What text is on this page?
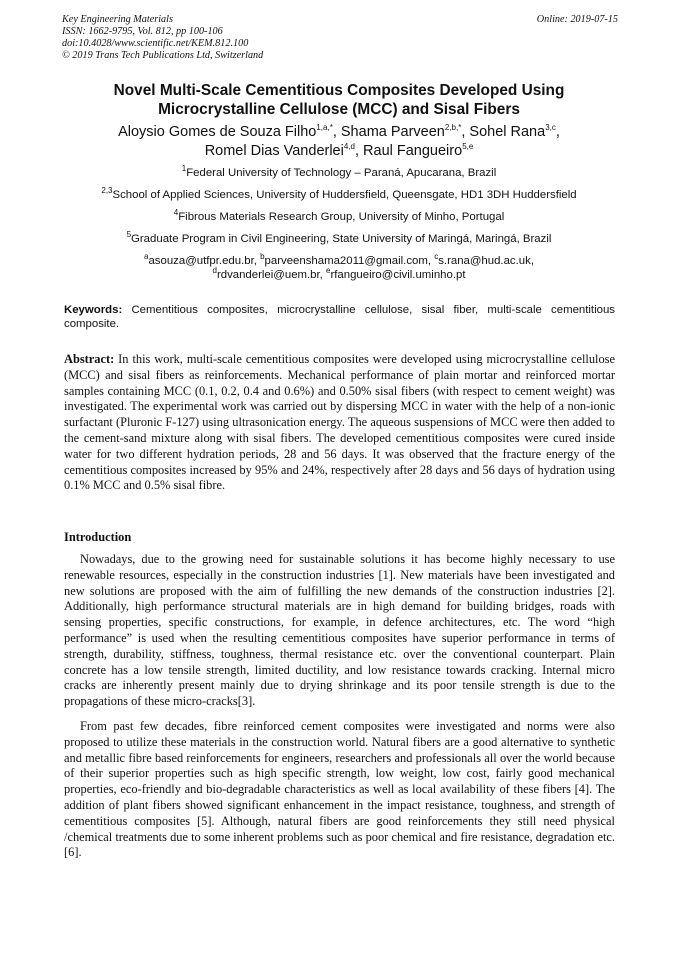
Key Engineering Materials
ISSN: 1662-9795, Vol. 812, pp 100-106
doi:10.4028/www.scientific.net/KEM.812.100
© 2019 Trans Tech Publications Ltd, Switzerland
Online: 2019-07-15
Novel Multi-Scale Cementitious Composites Developed Using
Microcrystalline Cellulose (MCC) and Sisal Fibers
Aloysio Gomes de Souza Filho$^{1,a,*}$, Shama Parveen$^{2,b,*}$, Sohel Rana$^{3,c}$,
Romel Dias Vanderlei$^{4,d}$, Raul Fangueiro$^{5,e}$
$^1$Federal University of Technology – Paraná, Apucarana, Brazil
$^{2,3}$School of Applied Sciences, University of Huddersfield, Queensgate, HD1 3DH Huddersfield
$^4$Fibrous Materials Research Group, University of Minho, Portugal
$^5$Graduate Program in Civil Engineering, State University of Maringá, Maringá, Brazil
$^a$asouza@utfpr.edu.br, $^b$parveenshama2011@gmail.com, $^c$s.rana@hud.ac.uk,
$^d$rdvanderlei@uem.br, $^e$rfangueiro@civil.uminho.pt
Keywords: Cementitious composites, microcrystalline cellulose, sisal fiber, multi-scale cementitious composite.
Abstract: In this work, multi-scale cementitious composites were developed using microcrystalline cellulose (MCC) and sisal fibers as reinforcements. Mechanical performance of plain mortar and reinforced mortar samples containing MCC (0.1, 0.2, 0.4 and 0.6%) and 0.50% sisal fibers (with respect to cement weight) was investigated. The experimental work was carried out by dispersing MCC in water with the help of a non-ionic surfactant (Pluronic F-127) using ultrasonication energy. The aqueous suspensions of MCC were then added to the cement-sand mixture along with sisal fibers. The developed cementitious composites were cured inside water for two different hydration periods, 28 and 56 days. It was observed that the fracture energy of the cementitious composites increased by 95% and 24%, respectively after 28 days and 56 days of hydration using 0.1% MCC and 0.5% sisal fibre.
Introduction
Nowadays, due to the growing need for sustainable solutions it has become highly necessary to use renewable resources, especially in the construction industries [1]. New materials have been investigated and new solutions are proposed with the aim of fulfilling the new demands of the construction industries [2]. Additionally, high performance structural materials are in high demand for building bridges, roads with sensing properties, specific constructions, for example, in defence architectures, etc. The word “high performance” is used when the resulting cementitious composites have superior performance in terms of strength, durability, stiffness, toughness, thermal resistance etc. over the conventional counterpart. Plain concrete has a low tensile strength, limited ductility, and low resistance towards cracking. Internal micro cracks are inherently present mainly due to drying shrinkage and its poor tensile strength is due to the propagations of these micro-cracks[3].
From past few decades, fibre reinforced cement composites were investigated and norms were also proposed to utilize these materials in the construction world. Natural fibers are a good alternative to synthetic and metallic fibre based reinforcements for engineers, researchers and professionals all over the world because of their superior properties such as high specific strength, low weight, low cost, fairly good mechanical properties, eco-friendly and bio-degradable characteristics as well as local availability of these fibers [4]. The addition of plant fibers showed significant enhancement in the impact resistance, toughness, and strength of cementitious composites [5]. Although, natural fibers are good reinforcements they still need physical /chemical treatments due to some inherent problems such as poor chemical and fire resistance, degradation etc. [6].
